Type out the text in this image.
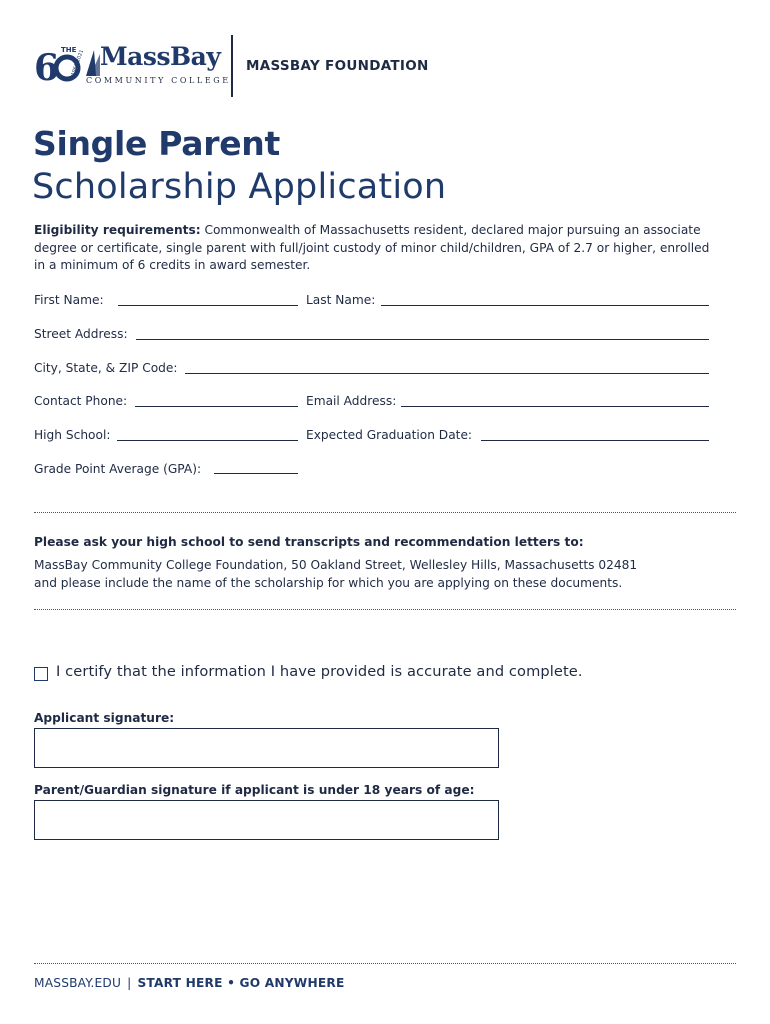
6 THE
1961-2021 MassBay
COMMUNITY COLLEGE
MASSBAY FOUNDATION
Single Parent
Scholarship Application
Eligibility requirements: Commonwealth of Massachusetts resident, declared major pursuing an associate degree or certificate, single parent with full/joint custody of minor child/children, GPA of 2.7 or higher, enrolled in a minimum of 6 credits in award semester.
First Name:	Last Name:
Street Address:
City, State, & ZIP Code:
Contact Phone:	Email Address:
High School:	Expected Graduation Date:
Grade Point Average (GPA):
Please ask your high school to send transcripts and recommendation letters to:
MassBay Community College Foundation, 50 Oakland Street, Wellesley Hills, Massachusetts 02481
and please include the name of the scholarship for which you are applying on these documents.
I certify that the information I have provided is accurate and complete.
Applicant signature:
Parent/Guardian signature if applicant is under 18 years of age:
MASSBAY.EDU | START HERE • GO ANYWHERE
